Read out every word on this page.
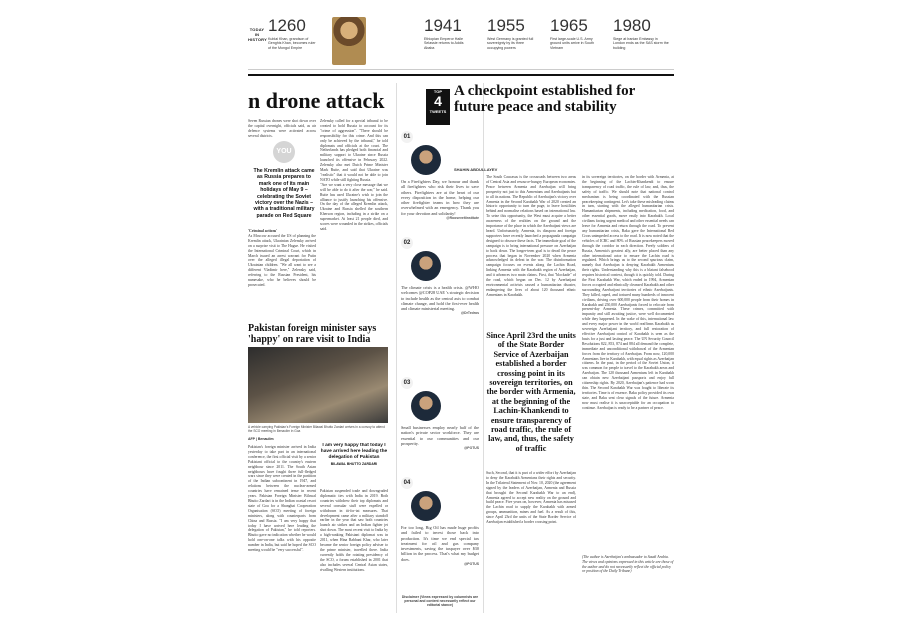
TODAY IN HISTORY
1260
Kublai Khan, grandson of Genghis Khan, becomes ruler of the Mongol Empire
1941
Ethiopian Emperor Haile Selassie returns to Addis Ababa
1955
West Germany is granted full sovereignty by its three occupying powers
1965
First large-scale U.S. Army ground units arrive in South Vietnam
1980
Siege at Iranian Embassy in London ends as the SAS storm the building
n drone attack
Seven Russian drones were shot down over the capital overnight, officials said, as air defence systems were activated across several districts.
YOU
The Kremlin attack came as Russia prepares to mark one of its main holidays of May 9 – celebrating the Soviet victory over the Nazis – with a traditional military parade on Red Square
'Criminal actions'
As Moscow accused the US of planning the Kremlin attack, Ukrainian Zelensky arrived on a surprise visit to The Hague. He visited the International Criminal Court, which in March issued an arrest warrant for Putin over the alleged illegal deportation of Ukrainian children. "We all want to see a different Vladimir here," Zelensky said, referring to the Russian President, his namesake, who he believes should be prosecuted.
Zelensky called for a special tribunal to be created to hold Russia to account for its "crime of aggression". "There should be responsibility for this crime. And this can only be achieved by the tribunal," he told diplomats and officials at the court. The Netherlands has pledged both financial and military support to Ukraine since Russia launched its offensive in February 2022. Zelensky also met Dutch Prime Minister Mark Rutte, and said that Ukraine was "realistic" that it would not be able to join NATO while still fighting Russia.
"Are we want a very close message that we will be able to do it after the war," he said. Rutte has used Ukraine's wish to join the alliance to justify launching his offensive. On the day of the alleged Kremlin attack, Ukraine and Russia shelled the southern Kherson region, including in a strike on a supermarket. At least 21 people died, and scores were wounded in the strikes, officials said.
Pakistan foreign minister says 'happy' on rare visit to India
A vehicle carrying Pakistan's Foreign Minister Bilawal Bhutto Zardari arrives in a convoy to attend the SCO meeting in Benaulim in Goa
AFP | Benaulim
Pakistan's foreign minister arrived in India yesterday to take part in an international conference, the first official visit by a senior Pakistani official to the country's eastern neighbour since 2011. The South Asian neighbours have fought three full-fledged wars since they were created in the partition of the Indian subcontinent in 1947, and relations between the nuclear-armed countries have remained tense in recent years. Pakistan Foreign Minister Bilawal Bhutto Zardari is in the Indian coastal resort state of Goa for a Shanghai Cooperation Organisation (SCO) meeting of foreign ministers, along with counterparts from China and Russia. "I am very happy that today I have arrived here leading the delegation of Pakistan," he told reporters. Bhutto gave no indication whether he would hold one-on-one talks with his opposite number in India, but said he hoped the SCO meeting would be "very successful".
Pakistan suspended trade and downgraded diplomatic ties with India in 2019. Both countries withdrew their top diplomats and several consular staff were expelled or withdrawn in tit-for-tat measures. That development came after a military standoff earlier in the year that saw both countries launch air strikes and an Indian fighter jet shot down. The most recent visit to India by a high-ranking Pakistani diplomat was in 2011, when Hina Rabbani Khar, who later became the senior foreign policy adviser to the prime minister, travelled there. India currently holds the rotating presidency of the SCO, a forum established in 2001 that also includes several Central Asian states, rivalling Western institutions.
I am very happy that today I have arrived here leading the delegation of Pakistan
BILAWAL BHUTTO ZARDARI
TOP
4
TWEETS
01
On a Firefighters Day, we honour and thank all firefighters who risk their lives to save others. Firefighters are at the heart of our every disposition in the home, helping our other firefighter teams in how they are overwhelmed with an emergency. Thank you for your devotion and solidarity!
@Rooseveltinstitute
02
The climate crisis is a health crisis. @WHO welcomes @COP28 UAE 's strategic decision to include health as the central axis to combat climate change, and hold the first-ever health and climate ministerial meeting.
@DrTedros
03
Small businesses employ nearly half of the nation's private sector workforce. They are essential to our communities and our prosperity.
@POTUS
04
For too long, Big Oil has made huge profits and failed to invest those back into production. It's time we end special tax treatment for oil and gas company investments, saving the taxpayer over $30 billion in the process. That's what my budget does.
@POTUS
Disclaimer (Views expressed by columnists are personal and content necessarily reflect our editorial stance)
A checkpoint established for future peace and stability
SHAHIN ABDULLAYEV
The South Caucasus is the crossroads between two areas of Central Asia and resource-hungry European economies. Peace between Armenia and Azerbaijan will bring prosperity not just to this Armenians and Azerbaijanis but to all its nations. The Republic of Azerbaijan's victory over Armenia in the Second Karabakh War of 2020 created an historic opportunity to turn the page, to leave hostilities behind and normalise relations based on international law. To seize this opportunity, the West must acquire a better awareness of the realities on the ground and the importance of the place in which the Azerbaijani views are heard. Unfortunately, Armenia, its diaspora and foreign supporters have recently launched a propaganda campaign designed to obscure these facts. The immediate goal of the campaign is to bring international pressure on Azerbaijan to back down. The longer-term goal is to derail the peace process that began in November 2020 when Armenia acknowledged its defeat in the war. The disinformation campaign focuses on events along the Lachin Road, linking Armenia with the Karabakh region of Azerbaijan, and it advances two main claims. First, that "blockade" of the road, which began on Dec. 12 by Azerbaijani environmental activists caused a humanitarian disaster, endangering the lives of about 120 thousand ethnic Armenians in Karabakh.
Since April 23rd the units of the State Border Service of Azerbaijan established a border crossing point in its sovereign territories, on the border with Armenia, at the beginning of the Lachin-Khankendi to ensure transparency of road traffic, the rule of law, and, thus, the safety of traffic
Such, Second, that it is part of a wider effort by Azerbaijan to deny the Karabakh Armenians their rights and security. In the Trilateral Statement of Nov. 10, 2020 (the agreement signed by the leaders of Azerbaijan, Armenia and Russia that brought the Second Karabakh War to an end), Armenia agreed to accept new reality on the ground and build peace. Five years on, however, Armenia has misused the Lachin road to supply the Karabakh with armed groups, ammunition, mines and fuel. As a result of this, since April 23rd the units of the State Border Service of Azerbaijan established a border crossing point.
in its sovereign territories, on the border with Armenia, at the beginning of the Lachin-Khankendi to ensure transparency of road traffic, the rule of law, and, thus, the safety of traffic. We should note that national control mechanism is being coordinated with the Russian peacekeeping contingent. Let's take these misleading claims in turn, starting with the alleged humanitarian crisis. Humanitarian shipments, including medication, food, and other essential goods, move easily into Karabakh. Local civilians facing urgent medical and other essential needs can leave for Armenia and return through the road. To prevent any humanitarian crisis, Baku gave the International Red Cross unimpeded access to the road. It is now noted that the vehicles of ICRC and 80% of Russian peacekeepers moved through the corridor in each direction. Freely soldiers of Russia, Armenia's greatest ally, are better placed than any other international actor to ensure the Lachin road is regulated. Which brings us to the second spurious claim, namely that Azerbaijan is denying Karabakh Armenians their rights. Understanding why this is a blatant falsehood requires historical context, though it is quickly told. During the First Karabakh War, which ended in 1994, Armenian forces occupied and ethnically cleansed Karabakh and other surrounding Azerbaijani territories of ethnic Azerbaijanis. They killed, raped, and tortured many hundreds of innocent civilians, driving over 600,000 people from their homes in Karabakh and 250,000 Azerbaijanis forced to relocate from present-day Armenia. These crimes, committed with impunity and still awaiting justice, were well documented while they happened. In the wake of this, international law and every major power in the world reaffirms Karabakh as sovereign Azerbaijani territory, and full restoration of effective Azerbaijani control of Karabakh is seen as the basis for a just and lasting peace. The UN Security Council Resolutions 822, 853, 874 and 884 all demand the complete, immediate and unconditional withdrawal of the Armenian forces from the territory of Azerbaijan. From now, 120,000 Armenians live in Karabakh, with equal rights as Azerbaijan citizens. In the past, in the period of the Soviet Union, it was common for people to travel to the Karabakh areas and Azerbaijan. The 120 thousand Armenians left in Karabakh can obtain new Azerbaijani passports and enjoy full citizenship rights. By 2020, Azerbaijan's patience had worn thin. The Second Karabakh War was fought to liberate its territories. Time is of essence. Baku policy provided its own state, and Baku sent clear signals of the future. Armenia now must realise it is unacceptable for an occupation to continue. Azerbaijan is ready to be a partner of peace.
(The author is Azerbaijan's ambassador to Saudi Arabia. The views and opinions expressed in this article are those of the author and do not necessarily reflect the official policy or position of the Daily Tribune)
